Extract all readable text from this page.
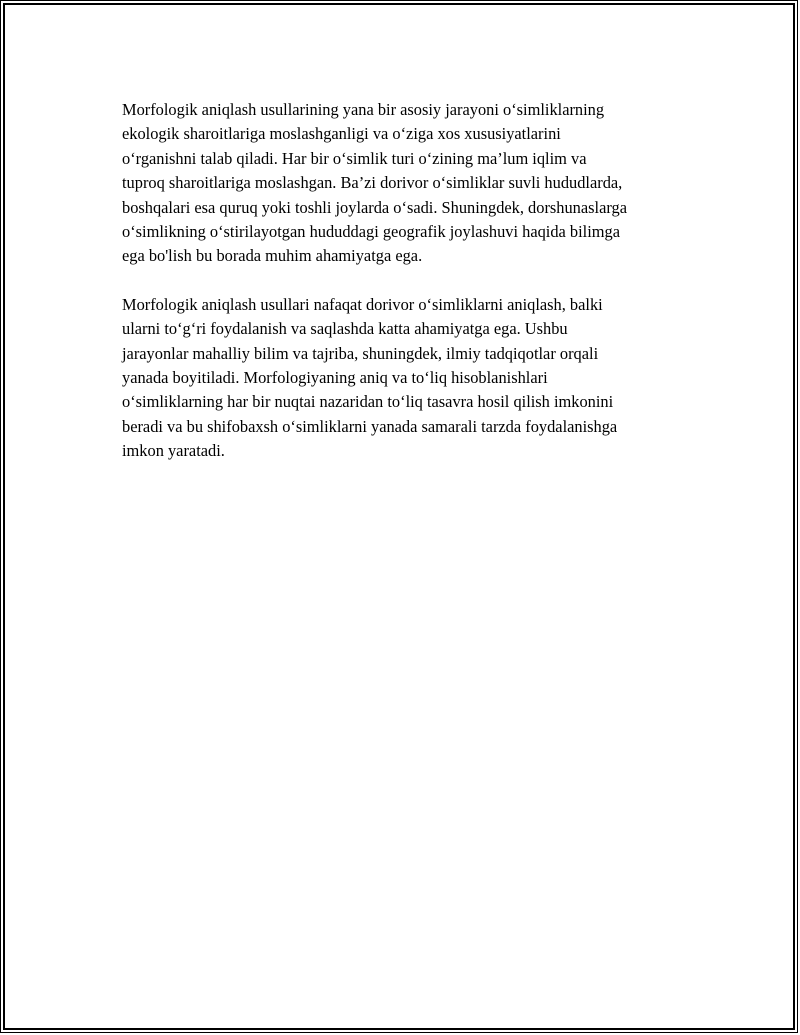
Morfologik aniqlash usullarining yana bir asosiy jarayoni o‘simliklarning
ekologik sharoitlariga moslashganligi va o‘ziga xos xususiyatlarini
o‘rganishni talab qiladi. Har bir o‘simlik turi o‘zining ma’lum iqlim va
tuproq sharoitlariga moslashgan. Ba’zi dorivor o‘simliklar suvli hududlarda,
boshqalari esa quruq yoki toshli joylarda o‘sadi. Shuningdek, dorshunaslarga
o‘simlikning o‘stirilayotgan hududdagi geografik joylashuvi haqida bilimga
ega bo'lish bu borada muhim ahamiyatga ega.

Morfologik aniqlash usullari nafaqat dorivor o‘simliklarni aniqlash, balki
ularni to‘g‘ri foydalanish va saqlashda katta ahamiyatga ega. Ushbu
jarayonlar mahalliy bilim va tajriba, shuningdek, ilmiy tadqiqotlar orqali
yanada boyitiladi. Morfologiyaning aniq va to‘liq hisoblanishlari
o‘simliklarning har bir nuqtai nazaridan to‘liq tasavra hosil qilish imkonini
beradi va bu shifobaxsh o‘simliklarni yanada samarali tarzda foydalanishga
imkon yaratadi.
